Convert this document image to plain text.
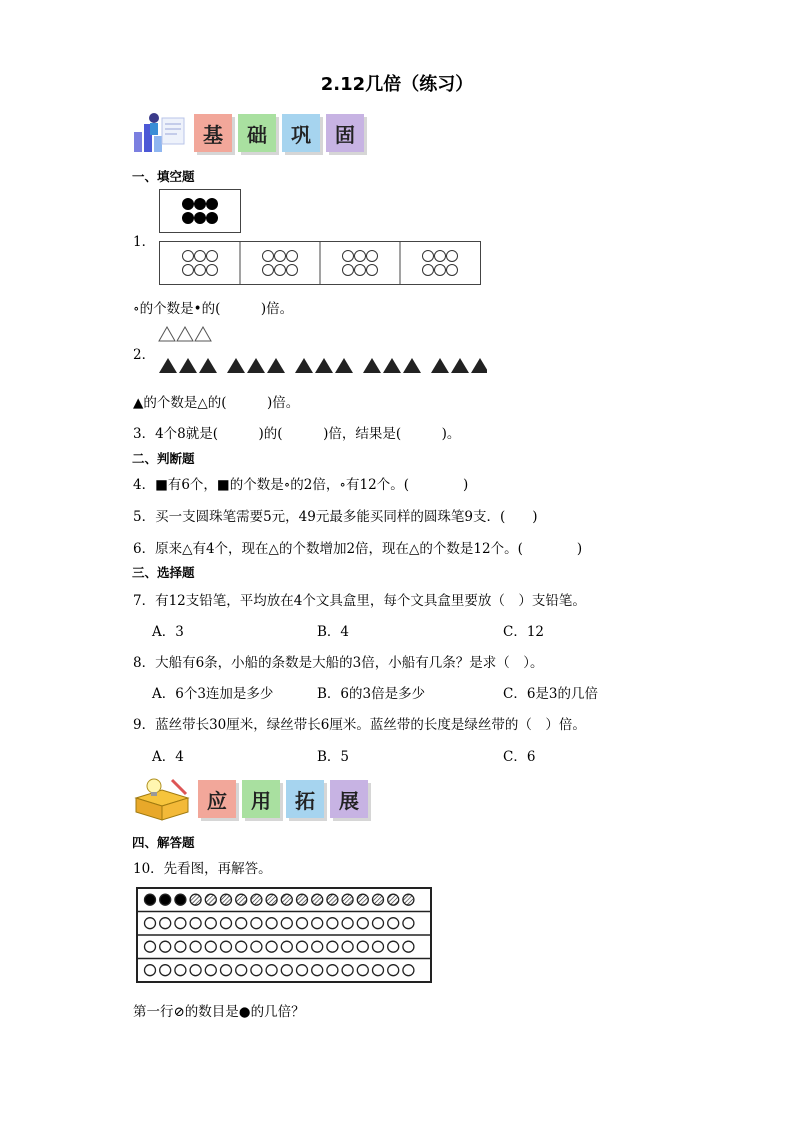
2.12几倍（练习）
基	础	巩	固
一、填空题
1．
∘的个数是•的(　　　)倍。
2．
▲的个数是△的(　　　)倍。
3．4个8就是(　　　)的(　　　)倍，结果是(　　　)。
二、判断题
4．■有6个，■的个数是∘的2倍，∘有12个。(　　　　)
5．买一支圆珠笔需要5元，49元最多能买同样的圆珠笔9支．(　　)
6．原来△有4个，现在△的个数增加2倍，现在△的个数是12个。(　　　　)
三、选择题
7．有12支铅笔，平均放在4个文具盒里，每个文具盒里要放（　）支铅笔。
A．3	B．4	C．12
8．大船有6条，小船的条数是大船的3倍，小船有几条？是求（　）。
A．6个3连加是多少	B．6的3倍是多少	C．6是3的几倍
9．蓝丝带长30厘米，绿丝带长6厘米。蓝丝带的长度是绿丝带的（　）倍。
A．4	B．5	C．6
应	用	拓	展
四、解答题
10．先看图，再解答。
第一行⊘的数目是●的几倍？
